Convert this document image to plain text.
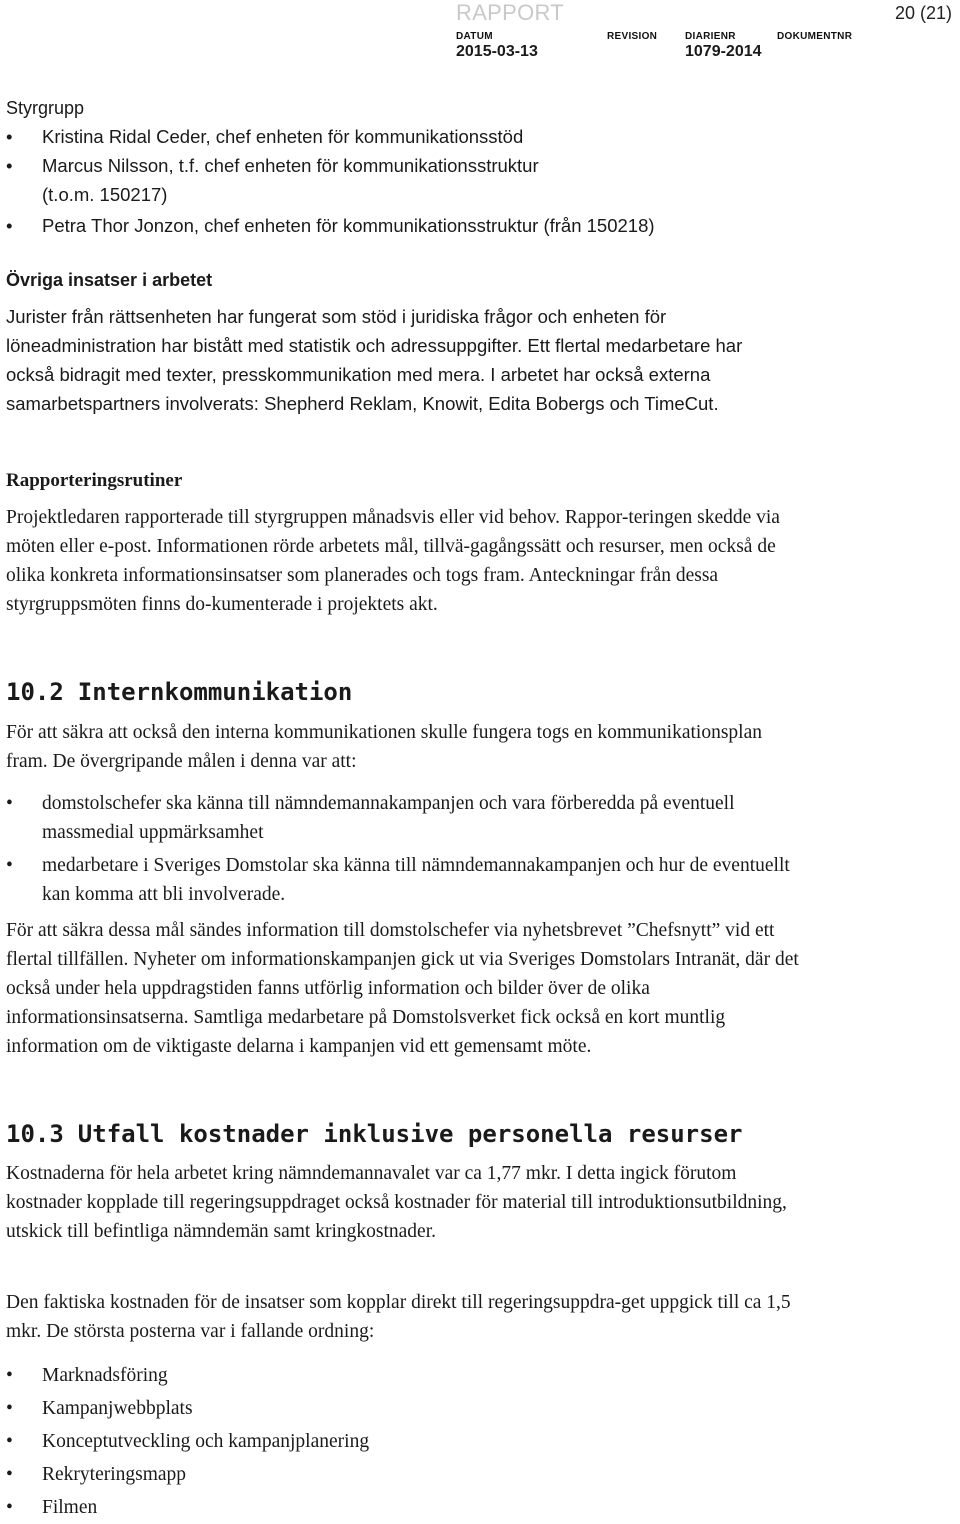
RAPPORT	20 (21)
DATUM	REVISION	DIARIENR	DOKUMENTNR
2015-03-13	1079-2014
Styrgrupp
• Kristina Ridal Ceder, chef enheten för kommunikationsstöd
• Marcus Nilsson, t.f. chef enheten för kommunikationsstruktur (t.o.m. 150217)
• Petra Thor Jonzon, chef enheten för kommunikationsstruktur (från 150218)
Övriga insatser i arbetet

Jurister från rättsenheten har fungerat som stöd i juridiska frågor och enheten för löneadministration har bistått med statistik och adressuppgifter. Ett flertal medarbetare har också bidragit med texter, presskommunikation med mera. I arbetet har också externa samarbetspartners involverats: Shepherd Reklam, Knowit, Edita Bobergs och TimeCut.

Rapporteringsrutiner

Projektledaren rapporterade till styrgruppen månadsvis eller vid behov. Rappor-teringen skedde via möten eller e-post. Informationen rörde arbetets mål, tillvä-gagångssätt och resurser, men också de olika konkreta informationsinsatser som planerades och togs fram. Anteckningar från dessa styrgruppsmöten finns do-kumenterade i projektets akt.

10.2 Internkommunikation

För att säkra att också den interna kommunikationen skulle fungera togs en kommunikationsplan fram. De övergripande målen i denna var att:

• domstolschefer ska känna till nämndemannakampanjen och vara förberedda på eventuell massmedial uppmärksamhet
• medarbetare i Sveriges Domstolar ska känna till nämndemannakampanjen och hur de eventuellt kan komma att bli involverade.

För att säkra dessa mål sändes information till domstolschefer via nyhetsbrevet ”Chefsnytt” vid ett flertal tillfällen. Nyheter om informationskampanjen gick ut via Sveriges Domstolars Intranät, där det också under hela uppdragstiden fanns utförlig information och bilder över de olika informationsinsatserna. Samtliga medarbetare på Domstolsverket fick också en kort muntlig information om de viktigaste delarna i kampanjen vid ett gemensamt möte.

10.3 Utfall kostnader inklusive personella resurser

Kostnaderna för hela arbetet kring nämndemannavalet var ca 1,77 mkr. I detta ingick förutom kostnader kopplade till regeringsuppdraget också kostnader för material till introduktionsutbildning, utskick till befintliga nämndemän samt kringkostnader.

Den faktiska kostnaden för de insatser som kopplar direkt till regeringsuppdra-get uppgick till ca 1,5 mkr. De största posterna var i fallande ordning:

• Marknadsföring
• Kampanjwebbplats
• Konceptutveckling och kampanjplanering
• Rekryteringsmapp
• Filmen
